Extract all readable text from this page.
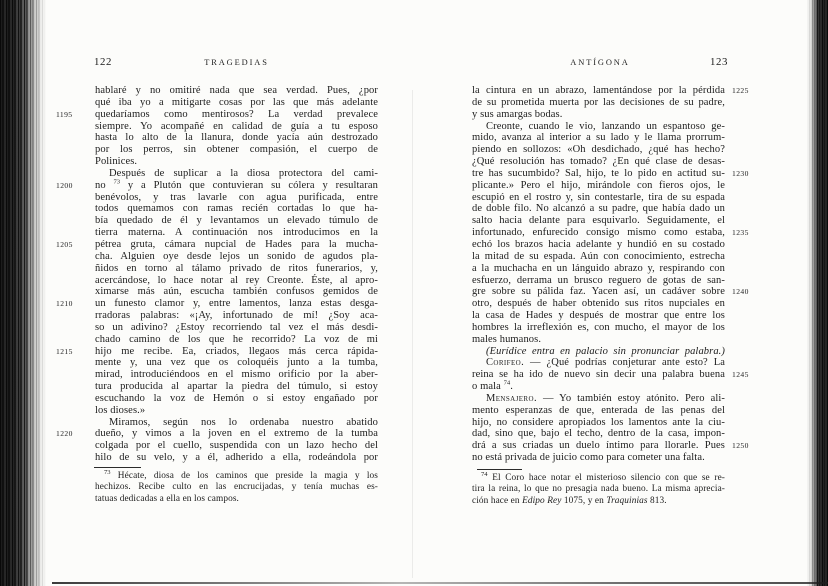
122	TRAGEDIAS
hablaré y no omitiré nada que sea verdad. Pues, ¿por
qué iba yo a mitigarte cosas por las que más adelante
quedaríamos como mentirosos? La verdad prevalece
1195
siempre. Yo acompañé en calidad de guía a tu esposo
hasta lo alto de la llanura, donde yacía aún destrozado
por los perros, sin obtener compasión, el cuerpo de
Polinices.
Después de suplicar a la diosa protectora del cami-
no $^{73}$ y a Plutón que contuvieran su cólera y resultaran
1200
benévolos, y tras lavarle con agua purificada, entre
todos quemamos con ramas recién cortadas lo que ha-
bía quedado de él y levantamos un elevado túmulo de
tierra materna. A continuación nos introducimos en la
pétrea gruta, cámara nupcial de Hades para la mucha-
1205
cha. Alguien oye desde lejos un sonido de agudos pla-
ñidos en torno al tálamo privado de ritos funerarios, y,
acercándose, lo hace notar al rey Creonte. Éste, al apro-
ximarse más aún, escucha también confusos gemidos de
un funesto clamor y, entre lamentos, lanza estas desga-
1210
rradoras palabras: «¡Ay, infortunado de mí! ¿Soy aca-
so un adivino? ¿Estoy recorriendo tal vez el más desdi-
chado camino de los que he recorrido? La voz de mi
hijo me recibe. Ea, criados, llegaos más cerca rápida-
1215
mente y, una vez que os coloquéis junto a la tumba,
mirad, introduciéndoos en el mismo orificio por la aber-
tura producida al apartar la piedra del túmulo, si estoy
escuchando la voz de Hemón o si estoy engañado por
los dioses.»
Miramos, según nos lo ordenaba nuestro abatido
dueño, y vimos a la joven en el extremo de la tumba
1220
colgada por el cuello, suspendida con un lazo hecho del
hilo de su velo, y a él, adherido a ella, rodeándola por
$^{73}$ Hécate, diosa de los caminos que preside la magia y los
hechizos. Recibe culto en las encrucijadas, y tenía muchas es-
tatuas dedicadas a ella en los campos.
ANTÍGONA	123
la cintura en un abrazo, lamentándose por la pérdida 1225
de su prometida muerta por las decisiones de su padre,
y sus amargas bodas.
Creonte, cuando le vio, lanzando un espantoso ge-
mido, avanza al interior a su lado y le llama prorrum-
piendo en sollozos: «Oh desdichado, ¿qué has hecho?
¿Qué resolución has tomado? ¿En qué clase de desas-
tre has sucumbido? Sal, hijo, te lo pido en actitud su- 1230
plicante.» Pero el hijo, mirándole con fieros ojos, le
escupió en el rostro y, sin contestarle, tira de su espada
de doble filo. No alcanzó a su padre, que había dado un
salto hacia delante para esquivarlo. Seguidamente, el
infortunado, enfurecido consigo mismo como estaba, 1235
echó los brazos hacia adelante y hundió en su costado
la mitad de su espada. Aún con conocimiento, estrecha
a la muchacha en un lánguido abrazo y, respirando con
esfuerzo, derrama un brusco reguero de gotas de san-
gre sobre su pálida faz. Yacen así, un cadáver sobre 1240
otro, después de haber obtenido sus ritos nupciales en
la casa de Hades y después de mostrar que entre los
hombres la irreflexión es, con mucho, el mayor de los
males humanos.
(Eurídice entra en palacio sin pronunciar palabra.)
Corifeo. — ¿Qué podrías conjeturar ante esto? La
reina se ha ido de nuevo sin decir una palabra buena 1245
o mala $^{74}$.
Mensajero. — Yo también estoy atónito. Pero ali-
mento esperanzas de que, enterada de las penas del
hijo, no considere apropiados los lamentos ante la ciu-
dad, sino que, bajo el techo, dentro de la casa, impon-
drá a sus criadas un duelo íntimo para llorarle. Pues 1250
no está privada de juicio como para cometer una falta.
$^{74}$ El Coro hace notar el misterioso silencio con que se re-
tira la reina, lo que no presagia nada bueno. La misma aprecia-
ción hace en Edipo Rey 1075, y en Traquinias 813.
